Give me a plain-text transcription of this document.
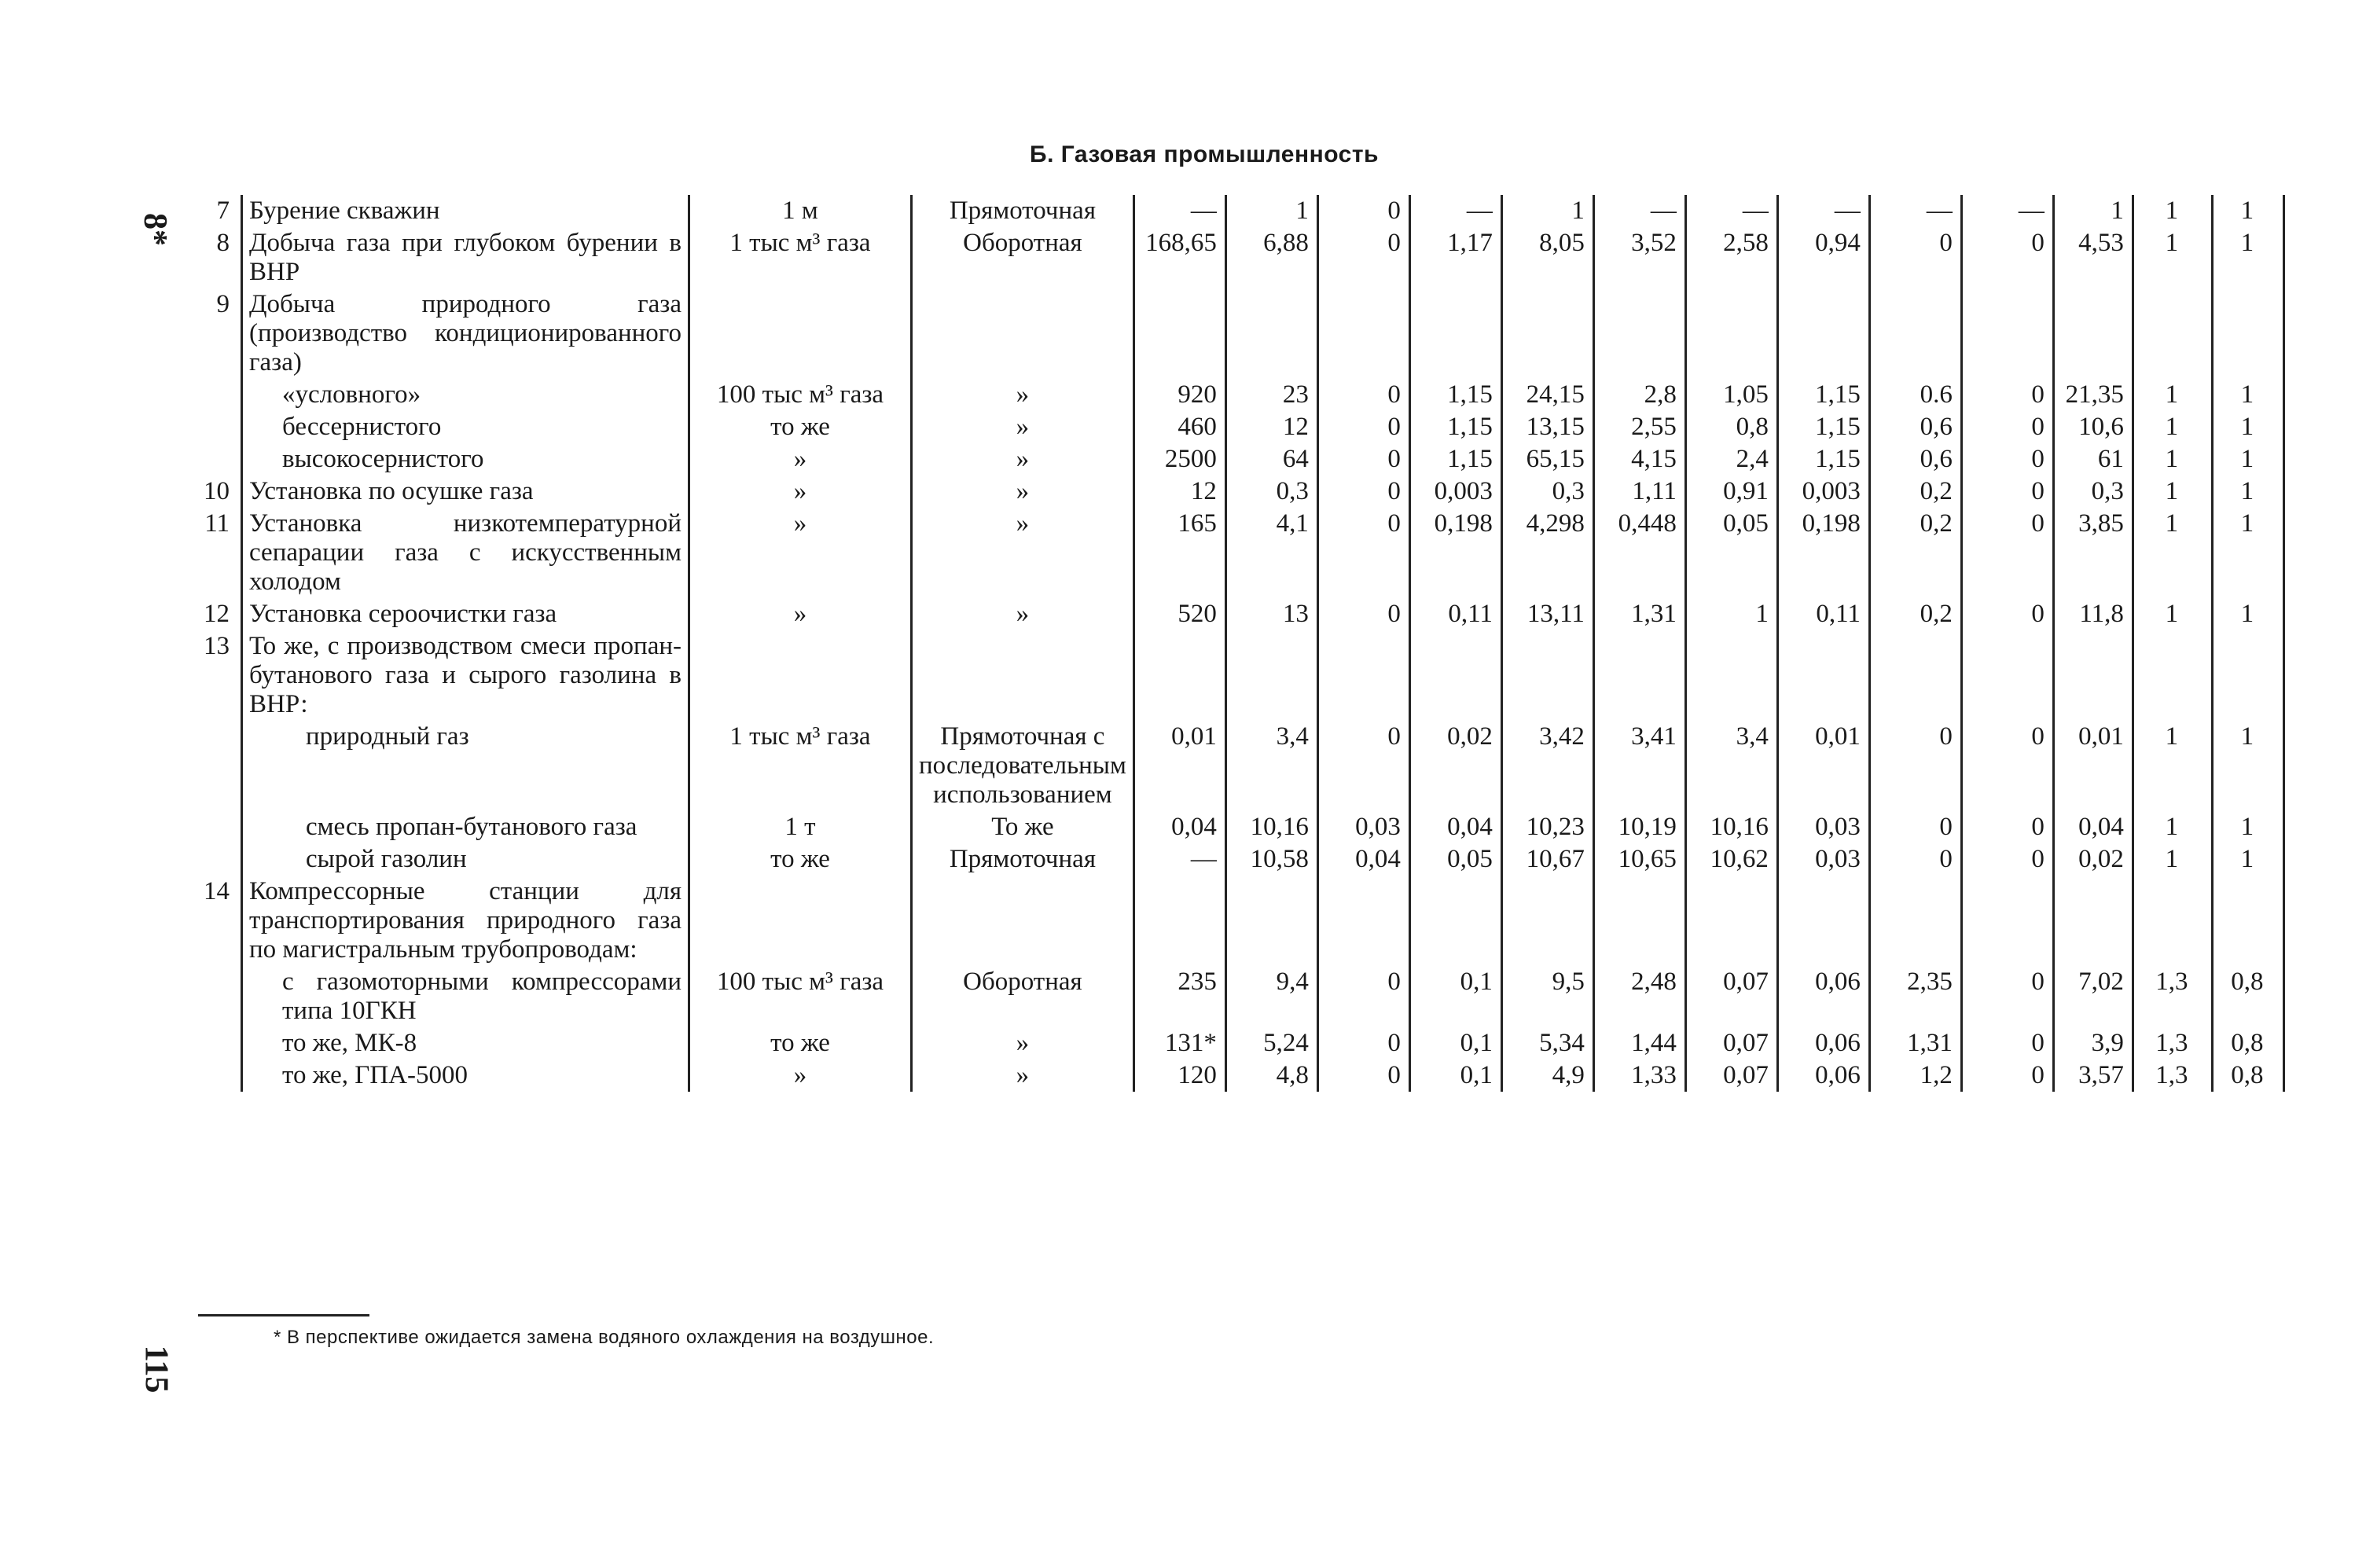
8*
115
Б. Газовая промышленность
7	Бурение скважин	1 м	Прямоточная	—	1	0	—	1	—	—	—	—	—	1	1	1
8	Добыча газа при глубоком бурении в ВНР	1 тыс м³ газа	Оборотная	168,65	6,88	0	1,17	8,05	3,52	2,58	0,94	0	0	4,53	1	1
9	Добыча природного газа (производство кондиционированного газа)															
	«условного»	100 тыс м³ газа	»	920	23	0	1,15	24,15	2,8	1,05	1,15	0.6	0	21,35	1	1
	бессернистого	то же	»	460	12	0	1,15	13,15	2,55	0,8	1,15	0,6	0	10,6	1	1
	высокосернистого	»	»	2500	64	0	1,15	65,15	4,15	2,4	1,15	0,6	0	61	1	1
10	Установка по осушке газа	»	»	12	0,3	0	0,003	0,3	1,11	0,91	0,003	0,2	0	0,3	1	1
11	Установка низкотемпературной сепарации газа с искусственным холодом	»	»	165	4,1	0	0,198	4,298	0,448	0,05	0,198	0,2	0	3,85	1	1
12	Установка сероочистки газа	»	»	520	13	0	0,11	13,11	1,31	1	0,11	0,2	0	11,8	1	1
13	То же, с производством смеси пропан-бутанового газа и сырого газолина в ВНР:															
	природный газ	1 тыс м³ газа	Прямоточная с последовательным использованием	0,01	3,4	0	0,02	3,42	3,41	3,4	0,01	0	0	0,01	1	1
	смесь пропан-бутанового газа	1 т	То же	0,04	10,16	0,03	0,04	10,23	10,19	10,16	0,03	0	0	0,04	1	1
	сырой газолин	то же	Прямоточная	—	10,58	0,04	0,05	10,67	10,65	10,62	0,03	0	0	0,02	1	1
14	Компрессорные станции для транспортирования природного газа по магистральным трубопроводам:															
	с газомоторными компрессорами типа 10ГКН	100 тыс м³ газа	Оборотная	235	9,4	0	0,1	9,5	2,48	0,07	0,06	2,35	0	7,02	1,3	0,8
	то же, МК-8	то же	»	131*	5,24	0	0,1	5,34	1,44	0,07	0,06	1,31	0	3,9	1,3	0,8
	то же, ГПА-5000	»	»	120	4,8	0	0,1	4,9	1,33	0,07	0,06	1,2	0	3,57	1,3	0,8
* В перспективе ожидается замена водяного охлаждения на воздушное.
